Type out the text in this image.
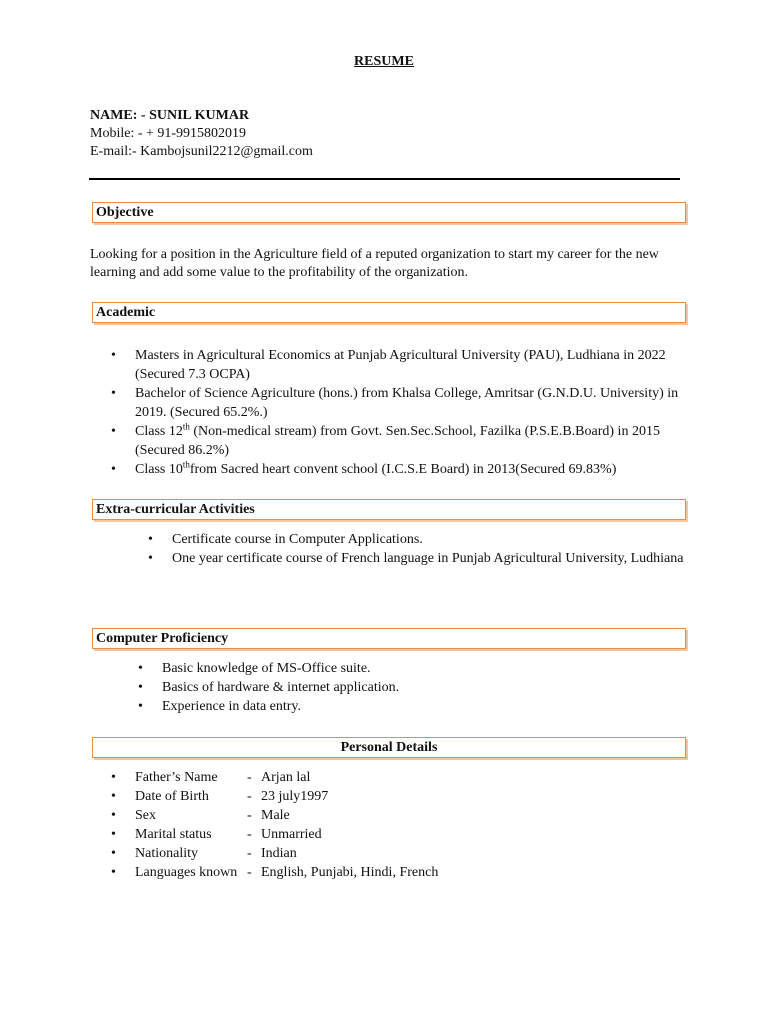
RESUME
NAME: - SUNIL KUMAR
Mobile: - + 91-9915802019
E-mail:- Kambojsunil2212@gmail.com
Objective
Looking for a position in the Agriculture field of a reputed organization to start my career for the new learning and add some value to the profitability of the organization.
Academic
• Masters in Agricultural Economics at Punjab Agricultural University (PAU), Ludhiana in 2022 (Secured 7.3 OCPA)
• Bachelor of Science Agriculture (hons.) from Khalsa College, Amritsar (G.N.D.U. University) in 2019. (Secured 65.2%.)
• Class 12th (Non-medical stream) from Govt. Sen.Sec.School, Fazilka (P.S.E.B.Board) in 2015 (Secured 86.2%)
• Class 10thfrom Sacred heart convent school (I.C.S.E Board) in 2013(Secured 69.83%)
Extra-curricular Activities
• Certificate course in Computer Applications.
• One year certificate course of French language in Punjab Agricultural University, Ludhiana
Computer Proficiency
• Basic knowledge of MS-Office suite.
• Basics of hardware & internet application.
• Experience in data entry.
Personal Details
• Father’s Name - Arjan lal
• Date of Birth	- 23 july1997
• Sex	- Male
• Marital status	- Unmarried
• Nationality	- Indian
• Languages known - English, Punjabi, Hindi, French
